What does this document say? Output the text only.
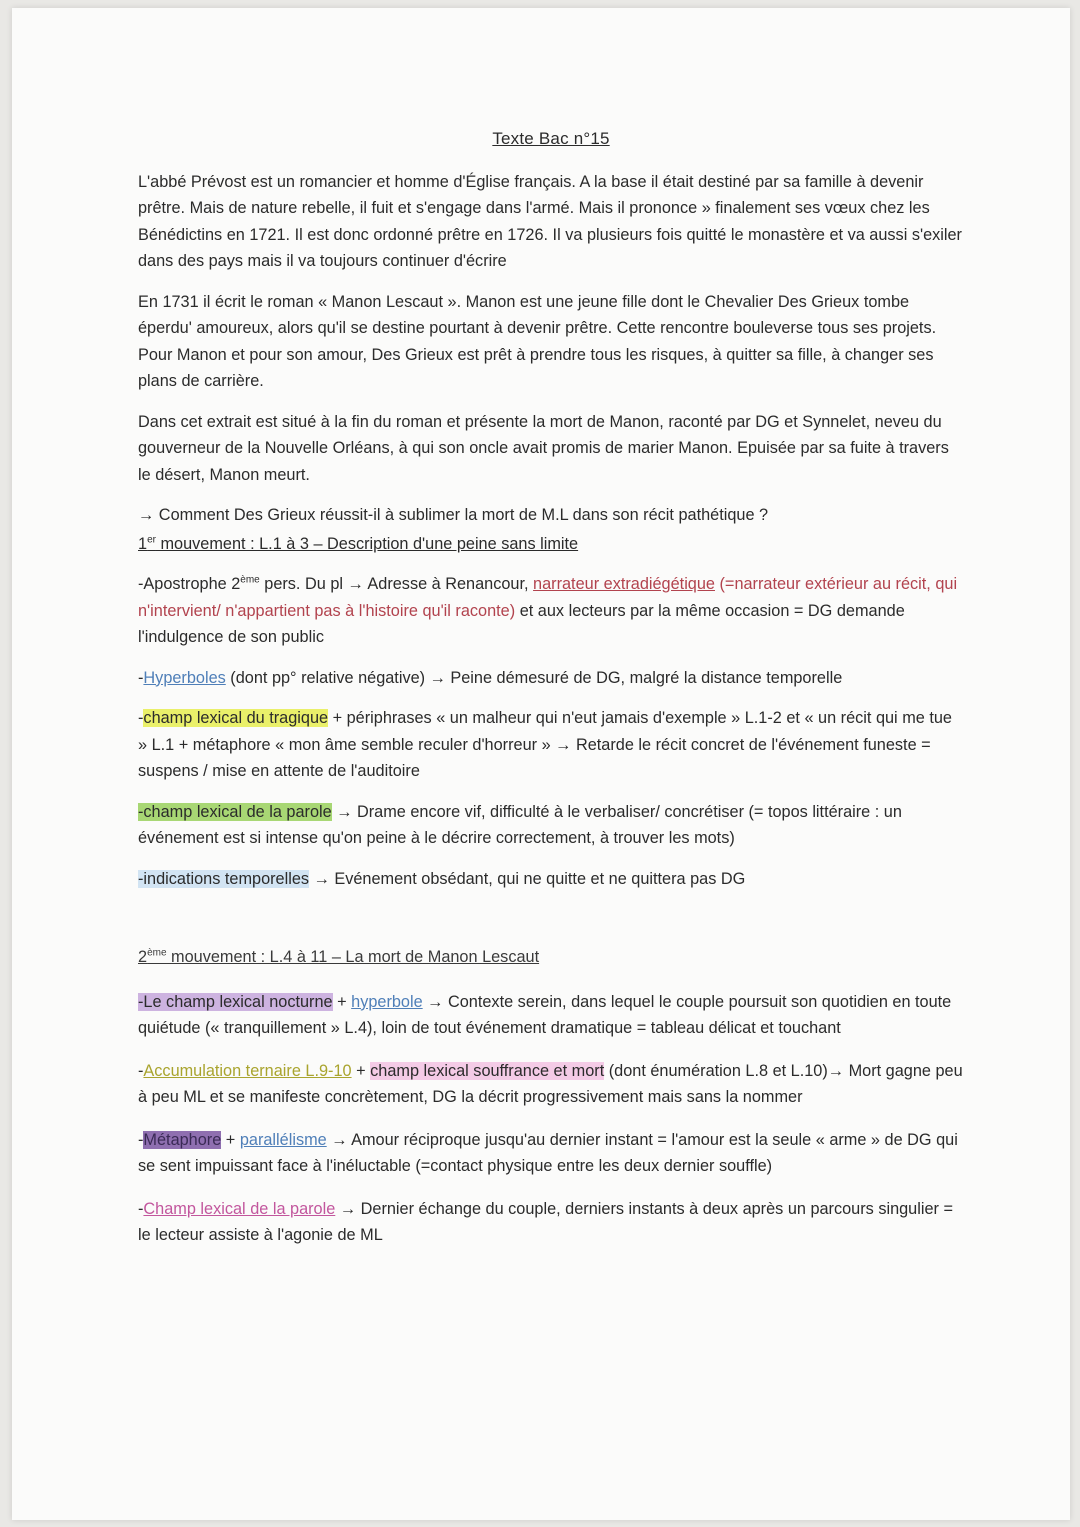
Texte Bac n°15

L'abbé Prévost est un romancier et homme d'Église français. A la base il était destiné par sa famille à devenir prêtre. Mais de nature rebelle, il fuit et s'engage dans l'armé. Mais il prononce » finalement ses vœux chez les Bénédictins en 1721. Il est donc ordonné prêtre en 1726. Il va plusieurs fois quitté le monastère et va aussi s'exiler dans des pays mais il va toujours continuer d'écrire

En 1731 il écrit le roman « Manon Lescaut ». Manon est une jeune fille dont le Chevalier Des Grieux tombe éperdu' amoureux, alors qu'il se destine pourtant à devenir prêtre. Cette rencontre bouleverse tous ses projets. Pour Manon et pour son amour, Des Grieux est prêt à prendre tous les risques, à quitter sa fille, à changer ses plans de carrière.

Dans cet extrait est situé à la fin du roman et présente la mort de Manon, raconté par DG et Synnelet, neveu du gouverneur de la Nouvelle Orléans, à qui son oncle avait promis de marier Manon. Epuisée par sa fuite à travers le désert, Manon meurt.

→ Comment Des Grieux réussit-il à sublimer la mort de M.L dans son récit pathétique ?

1er mouvement : L.1 à 3 – Description d'une peine sans limite

-Apostrophe 2ème pers. Du pl → Adresse à Renancour, narrateur extradiégétique (=narrateur extérieur au récit, qui n'intervient/ n'appartient pas à l'histoire qu'il raconte) et aux lecteurs par la même occasion = DG demande l'indulgence de son public

-Hyperboles (dont pp° relative négative) → Peine démesuré de DG, malgré la distance temporelle

-champ lexical du tragique + périphrases « un malheur qui n'eut jamais d'exemple » L.1-2 et « un récit qui me tue » L.1 + métaphore « mon âme semble reculer d'horreur » → Retarde le récit concret de l'événement funeste = suspens / mise en attente de l'auditoire

-champ lexical de la parole → Drame encore vif, difficulté à le verbaliser/ concrétiser (= topos littéraire : un événement est si intense qu'on peine à le décrire correctement, à trouver les mots)

-indications temporelles → Evénement obsédant, qui ne quitte et ne quittera pas DG

2ème mouvement : L.4 à 11 – La mort de Manon Lescaut

-Le champ lexical nocturne + hyperbole → Contexte serein, dans lequel le couple poursuit son quotidien en toute quiétude (« tranquillement » L.4), loin de tout événement dramatique = tableau délicat et touchant

-Accumulation ternaire L.9-10 + champ lexical souffrance et mort (dont énumération L.8 et L.10)→ Mort gagne peu à peu ML et se manifeste concrètement, DG la décrit progressivement mais sans la nommer

-Métaphore + parallélisme → Amour réciproque jusqu'au dernier instant = l'amour est la seule « arme » de DG qui se sent impuissant face à l'inéluctable (=contact physique entre les deux dernier souffle)

-Champ lexical de la parole → Dernier échange du couple, derniers instants à deux après un parcours singulier = le lecteur assiste à l'agonie de ML
